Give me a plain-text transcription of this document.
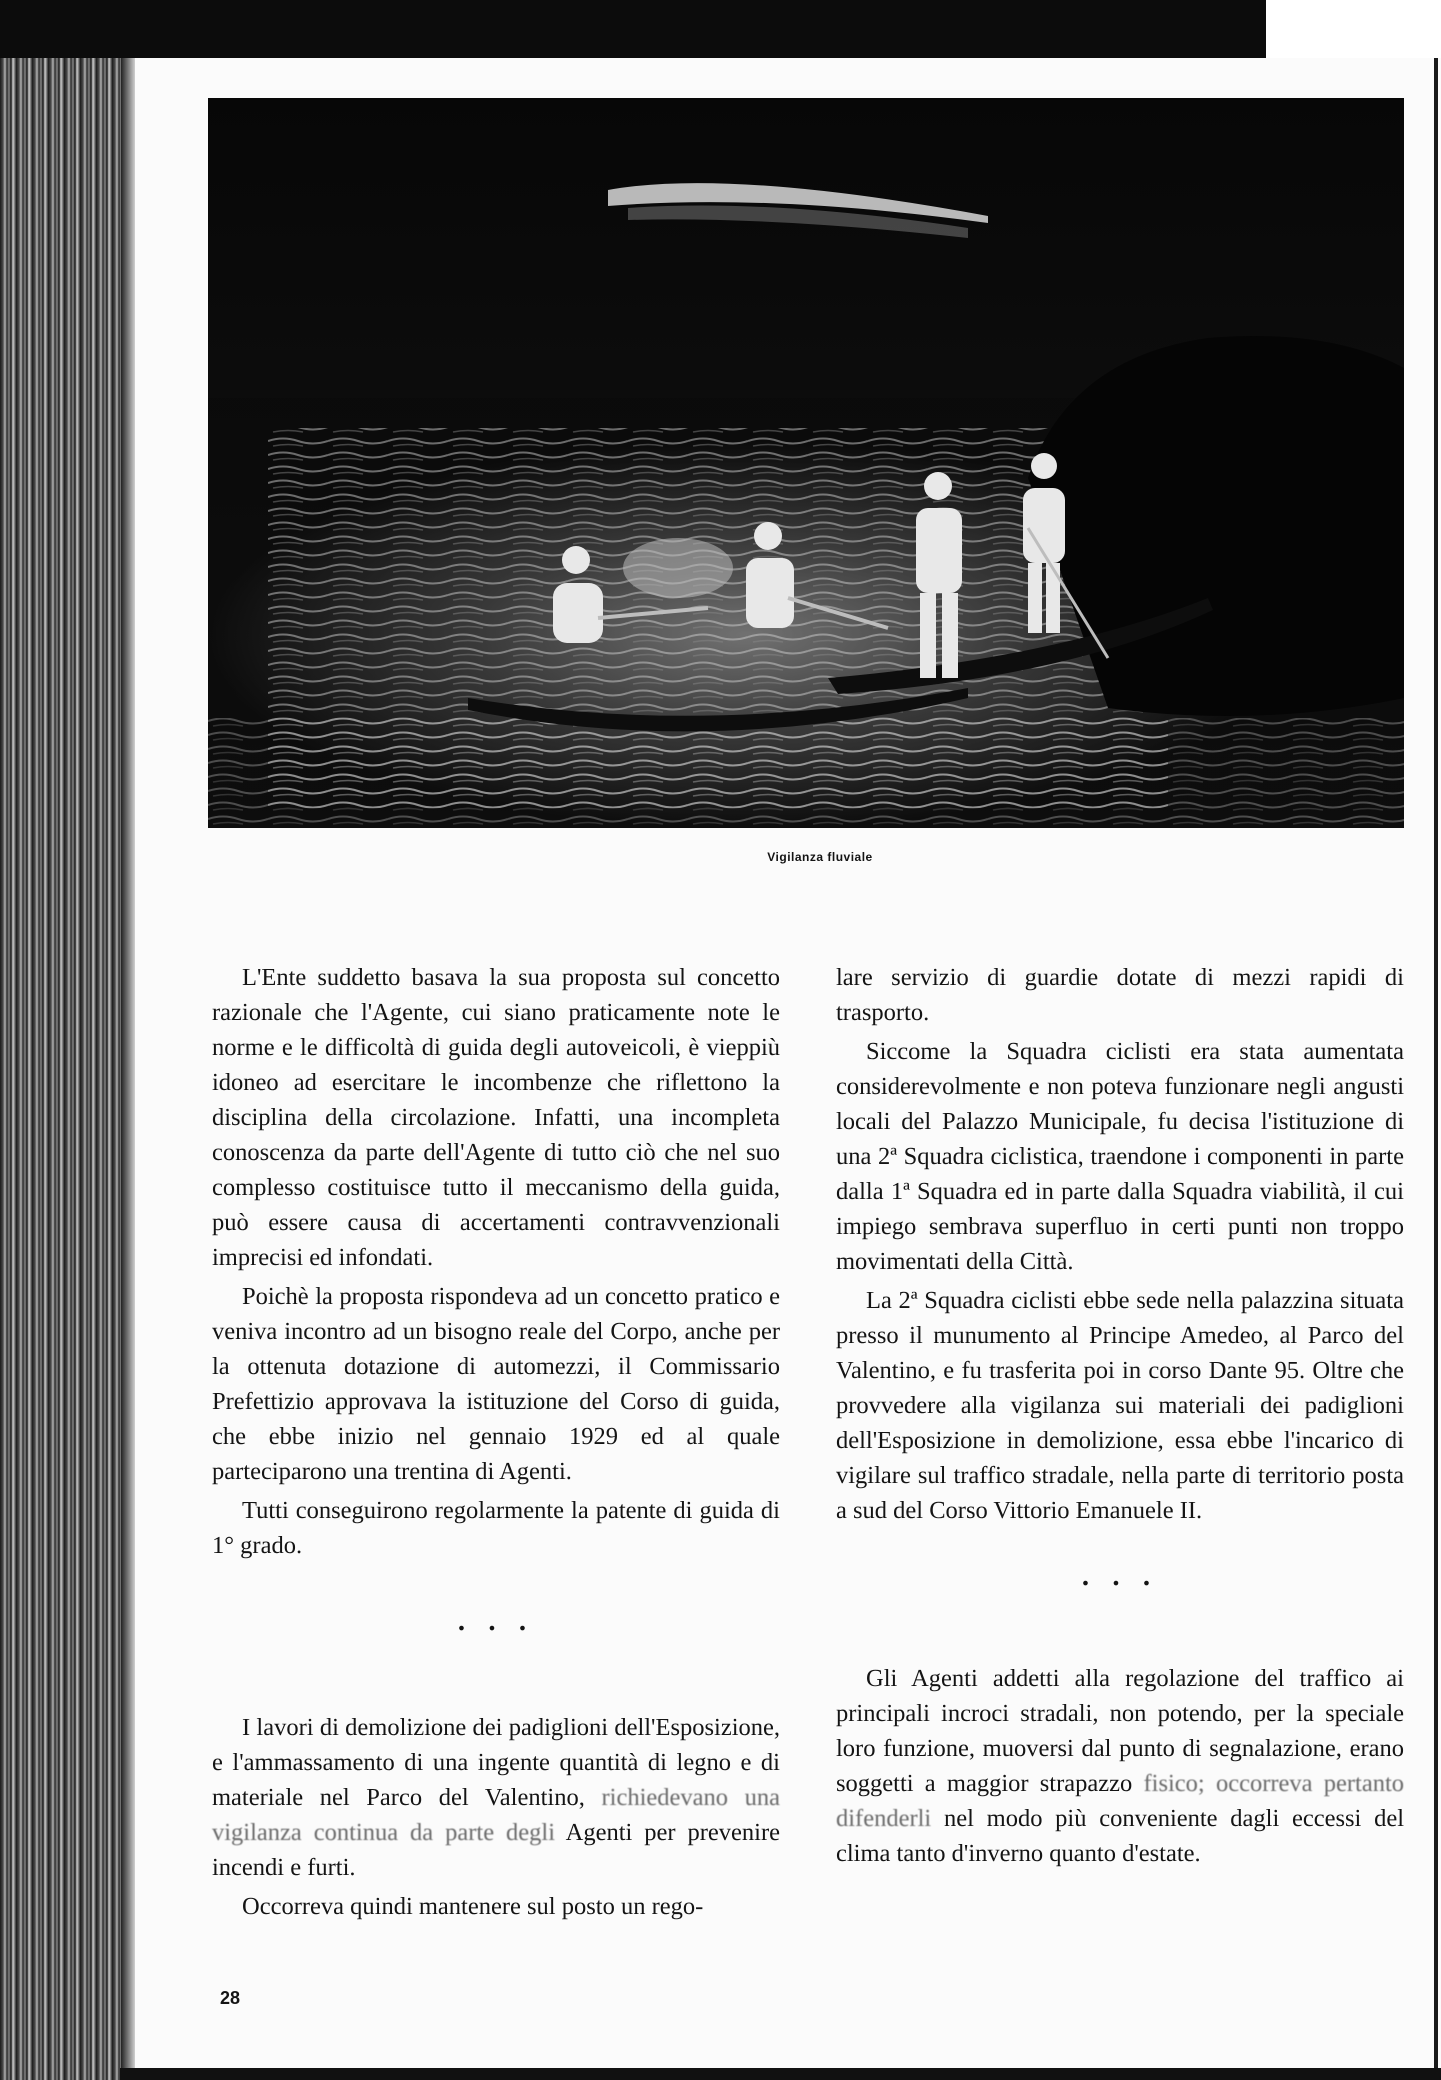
Vigilanza fluviale

L'Ente suddetto basava la sua proposta sul concetto razionale che l'Agente, cui siano praticamente note le norme e le difficoltà di guida degli autoveicoli, è vieppiù idoneo ad esercitare le incombenze che riflettono la disciplina della circolazione. Infatti, una incompleta conoscenza da parte dell'Agente di tutto ciò che nel suo complesso costituisce tutto il meccanismo della guida, può essere causa di accertamenti contravvenzionali imprecisi ed infondati.

Poichè la proposta rispondeva ad un concetto pratico e veniva incontro ad un bisogno reale del Corpo, anche per la ottenuta dotazione di automezzi, il Commissario Prefettizio approvava la istituzione del Corso di guida, che ebbe inizio nel gennaio 1929 ed al quale parteciparono una trentina di Agenti.

Tutti conseguirono regolarmente la patente di guida di 1° grado.

• • •

I lavori di demolizione dei padiglioni dell'Esposizione, e l'ammassamento di una ingente quantità di legno e di materiale nel Parco del Valentino, richiedevano una vigilanza continua da parte degli Agenti per prevenire incendi e furti.

Occorreva quindi mantenere sul posto un rego-

lare servizio di guardie dotate di mezzi rapidi di trasporto.

Siccome la Squadra ciclisti era stata aumentata considerevolmente e non poteva funzionare negli angusti locali del Palazzo Municipale, fu decisa l'istituzione di una 2ª Squadra ciclistica, traendone i componenti in parte dalla 1ª Squadra ed in parte dalla Squadra viabilità, il cui impiego sembrava superfluo in certi punti non troppo movimentati della Città.

La 2ª Squadra ciclisti ebbe sede nella palazzina situata presso il munumento al Principe Amedeo, al Parco del Valentino, e fu trasferita poi in corso Dante 95. Oltre che provvedere alla vigilanza sui materiali dei padiglioni dell'Esposizione in demolizione, essa ebbe l'incarico di vigilare sul traffico stradale, nella parte di territorio posta a sud del Corso Vittorio Emanuele II.

• • •

Gli Agenti addetti alla regolazione del traffico ai principali incroci stradali, non potendo, per la speciale loro funzione, muoversi dal punto di segnalazione, erano soggetti a maggior strapazzo fisico; occorreva pertanto difenderli nel modo più conveniente dagli eccessi del clima tanto d'inverno quanto d'estate.

28
